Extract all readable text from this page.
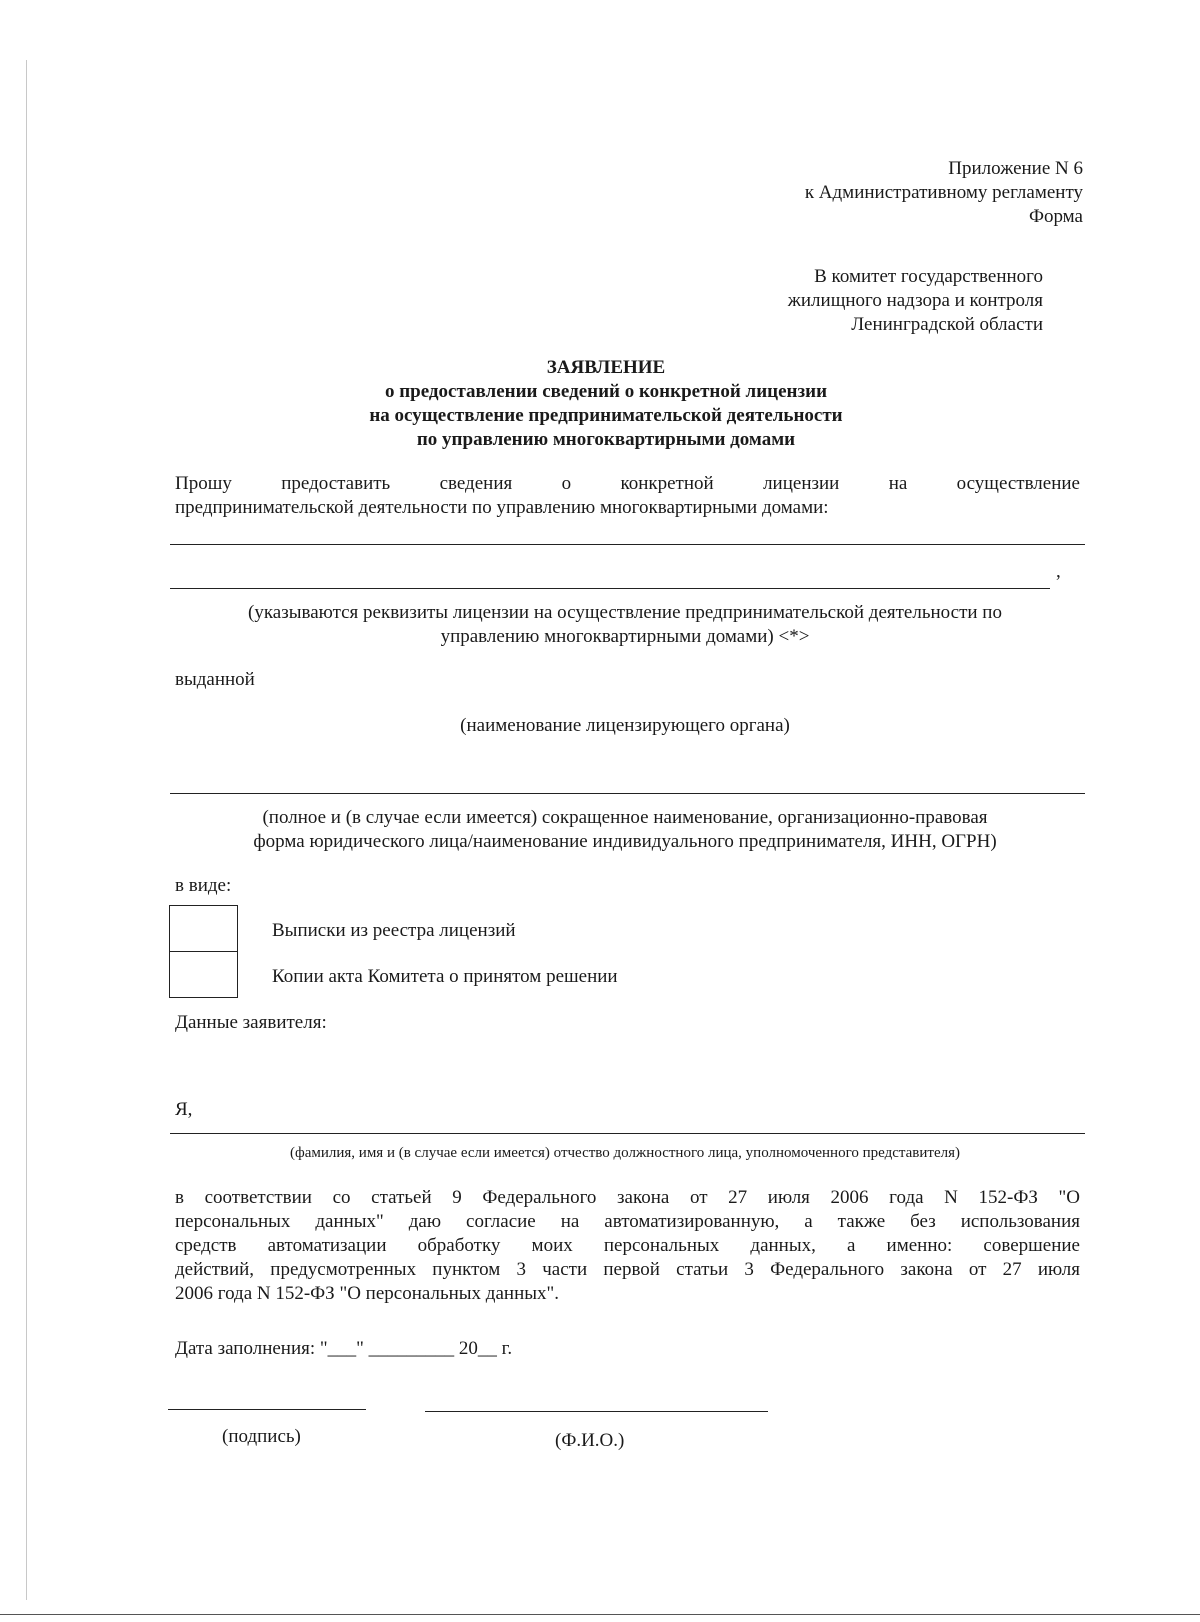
Приложение N 6
к Административному регламенту
Форма
В комитет государственного
жилищного надзора и контроля
Ленинградской области
ЗАЯВЛЕНИЕ
о предоставлении сведений о конкретной лицензии
на осуществление предпринимательской деятельности
по управлению многоквартирными домами
Прошу	предоставить	сведения	о	конкретной	лицензии	на	осуществление
предпринимательской деятельности по управлению многоквартирными домами:
,
(указываются реквизиты лицензии на осуществление предпринимательской деятельности по
управлению многоквартирными домами) <*>
выданной
(наименование лицензирующего органа)
(полное и (в случае если имеется) сокращенное наименование, организационно-правовая
форма юридического лица/наименование индивидуального предпринимателя, ИНН, ОГРН)
в виде:
Выписки из реестра лицензий
Копии акта Комитета о принятом решении
Данные заявителя:
Я,
(фамилия, имя и (в случае если имеется) отчество должностного лица, уполномоченного представителя)
в соответствии со статьей 9 Федерального закона от 27 июля 2006 года N 152-ФЗ "О
персональных данных" даю согласие на автоматизированную, а также без использования
средств автоматизации обработку моих персональных данных, а именно: совершение
действий, предусмотренных пунктом 3 части первой статьи 3 Федерального закона от 27 июля
2006 года N 152-ФЗ "О персональных данных".
Дата заполнения: "___" _________ 20__ г.
(подпись)	(Ф.И.О.)
